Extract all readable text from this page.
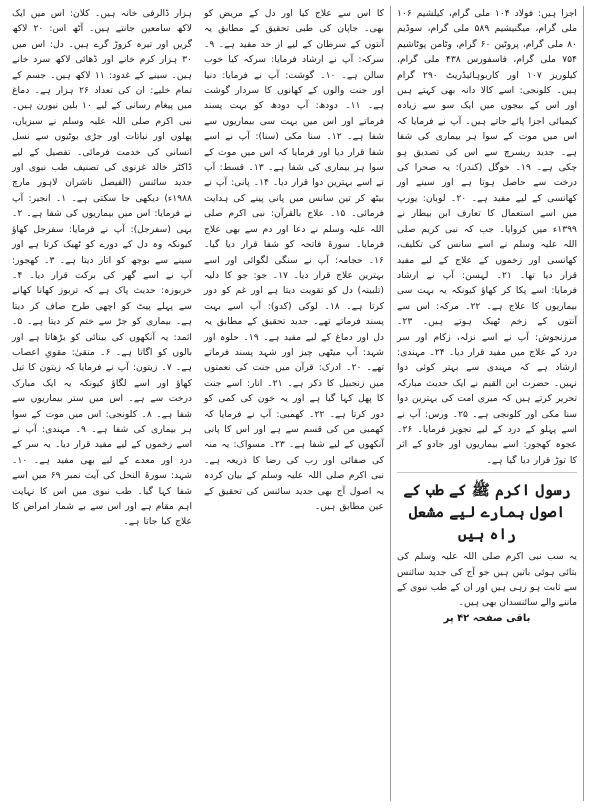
ہزار ڈالرفی خانہ ہیں۔ کلان: اس میں ایک لاکھ سامعین جانتے ہیں۔ آٹھ اس: ۲۰ لاکھ گریں اور تیرہ کروڑ گرے ہیں۔ دل: اس میں ۳۰ ہزار کرم خانے اور ڈھائی لاکھ سرد خانے ہیں۔ سینے کے غدود: ۱۱ لاکھ ہیں۔ جسم کے تمام خلیے: ان کی تعداد ۲۶ ہزار ہے۔ دماغ میں پیغام رسانی کے لیے ۱۰ بلین نیورن ہیں۔ نبی اکرم صلی اللہ علیہ وسلم نے سبزیاں، پھلوں اور نباتات اور جڑی بوٹیوں سے نسل انسانی کی خدمت فرمائی۔ تفصیل کے لیے ڈاکٹر خالد غزنوی کی تصنیف طب نبوی اور جدید سائنس (الفیصل ناشران لاہور مارچ ۱۹۸۸ء) دیکھی جا سکتی ہے۔ ۱۔ انجیر: آپ نے فرمایا: اس میں بیماریوں کی شفا ہے۔ ۲۔ بہی (سفرجل): آپ نے فرمایا: سفرجل کھاؤ کیونکہ وہ دل کے دورے کو ٹھیک کرتا ہے اور سینے سے بوجھ کو اتار دیتا ہے۔ ۳۔ کھجور: آپ نے اسے گھر کی برکت قرار دیا۔ ۴۔ خربوزہ: حدیث پاک ہے کہ تربوز کھانا کھانے سے پہلے پیٹ کو اچھی طرح صاف کر دیتا ہے۔ بیماری کو جڑ سے ختم کر دیتا ہے۔ ۵۔ اثمد: یہ آنکھوں کی بینائی کو بڑھاتا ہے اور بالوں کو اگاتا ہے۔ ۶۔ منقیٰ: مقویِ اعصاب ہے۔ ۷۔ زیتون: آپ نے فرمایا کہ زیتون کا تیل کھاؤ اور اسے لگاؤ کیونکہ یہ ایک مبارک درخت سے ہے۔ اس میں ستر بیماریوں سے شفا ہے۔ ۸۔ کلونجی: اس میں موت کے سوا ہر بیماری کی شفا ہے۔ ۹۔ مہندی: آپ نے اسے زخموں کے لیے مفید قرار دیا۔ یہ سر کے درد اور معدے کے لیے بھی مفید ہے۔ ۱۰۔ شہد: سورۃ النحل کی آیت نمبر ۶۹ میں اسے شفا کہا گیا۔ طب نبوی میں اس کا نہایت اہم مقام ہے اور اس سے بے شمار امراض کا علاج کیا جاتا ہے۔

کا اس سے علاج کیا اور دل کے مریض کو بھی۔ جاپان کی طبی تحقیق کے مطابق یہ آنتوں کے سرطان کے لیے از حد مفید ہے۔ ۹۔ سرکہ: آپ نے ارشاد فرمایا: سرکہ کیا خوب سالن ہے۔ ۱۰۔ گوشت: آپ نے فرمایا: دنیا اور جنت والوں کے کھانوں کا سردار گوشت ہے۔ ۱۱۔ دودھ: آپ دودھ کو بہت پسند فرماتے اور اس میں بہت سی بیماریوں سے شفا ہے۔ ۱۲۔ سنا مکی (سنا): آپ نے اسے شفا قرار دیا اور فرمایا کہ اس میں موت کے سوا ہر بیماری کی شفا ہے۔ ۱۳۔ قسط: آپ نے اسے بہترین دوا قرار دیا۔ ۱۴۔ پانی: آپ نے بیٹھ کر تین سانس میں پانی پینے کی ہدایت فرمائی۔ ۱۵۔ علاج بالقرآن: نبی اکرم صلی اللہ علیہ وسلم نے دعا اور دم سے بھی علاج فرمایا۔ سورۃ فاتحہ کو شفا قرار دیا گیا۔ ۱۶۔ حجامہ: آپ نے سنگی لگوائی اور اسے بہترین علاج قرار دیا۔ ۱۷۔ جو: جو کا دلیہ (تلبینہ) دل کو تقویت دیتا ہے اور غم کو دور کرتا ہے۔ ۱۸۔ لوکی (کدو): آپ اسے بہت پسند فرماتے تھے۔ جدید تحقیق کے مطابق یہ دل اور دماغ کے لیے مفید ہے۔ ۱۹۔ حلوہ اور شہد: آپ میٹھی چیز اور شہد پسند فرماتے تھے۔ ۲۰۔ ادرک: قرآن میں جنت کی نعمتوں میں زنجبیل کا ذکر ہے۔ ۲۱۔ انار: اسے جنت کا پھل کہا گیا ہے اور یہ خون کی کمی کو دور کرتا ہے۔ ۲۲۔ کھمبی: آپ نے فرمایا کہ کھمبی من کی قسم سے ہے اور اس کا پانی آنکھوں کے لیے شفا ہے۔ ۲۳۔ مسواک: یہ منہ کی صفائی اور رب کی رضا کا ذریعہ ہے۔ نبی اکرم صلی اللہ علیہ وسلم کے بیان کردہ یہ اصول آج بھی جدید سائنس کی تحقیق کے عین مطابق ہیں۔

اجزا ہیں: فولاد ۱۰۴ ملی گرام، کیلشیم ۱۰۶ ملی گرام، میگنیشیم ۵۸۹ ملی گرام، سوڈیم ۸۰ ملی گرام، پروٹین ۶۰ گرام، وٹامن پوٹاشیم ۷۵۴ ملی گرام، فاسفورس ۴۳۸ ملی گرام، کیلوریز ۱۰۷ اور کاربوہائیڈریٹ ۲۹۰ گرام ہیں۔ کلونجی: اسے کالا دانہ بھی کہتے ہیں اور اس کے بیجوں میں ایک سو سے زیادہ کیمیائی اجزا پائے جاتے ہیں۔ آپ نے فرمایا کہ اس میں موت کے سوا ہر بیماری کی شفا ہے۔ جدید ریسرچ سے اس کی تصدیق ہو چکی ہے۔ ۱۹۔ خوگل (کندر): یہ صحرا کی درخت سے حاصل ہوتا ہے اور سینے اور کھانسی کے لیے مفید ہے۔ ۲۰۔ لوبان: یورپ میں اسے استعمال کا تعارف ابن بیطار نے ۱۳۹۹ء میں کروایا۔ جب کہ نبی کریم صلی اللہ علیہ وسلم نے اسے سانس کی تکلیف، کھانسی اور زخموں کے علاج کے لیے مفید قرار دیا تھا۔ ۲۱۔ لہسن: آپ نے ارشاد فرمایا: اسے پکا کر کھاؤ کیونکہ یہ بہت سی بیماریوں کا علاج ہے۔ ۲۲۔ مرکہ: اس سے آنتوں کے زخم ٹھیک ہوتے ہیں۔ ۲۳۔ مرزنجوش: آپ نے اسے نزلہ، زکام اور سر درد کے علاج میں مفید قرار دیا۔ ۲۴۔ مہندی: ارشاد ہے کہ مہندی سے بہتر کوئی دوا نہیں۔ حضرت ابن القیم نے ایک حدیث مبارکہ تحریر کرتے ہیں کہ میری امت کی بہترین دوا سنا مکی اور کلونجی ہے۔ ۲۵۔ ورس: آپ نے اسے پہلو کے درد کے لیے تجویز فرمایا۔ ۲۶۔ عجوہ کھجور: اسے بیماریوں اور جادو کے اثر کا توڑ قرار دیا گیا ہے۔

رسول اکرم ﷺ کے طب کے اصول ہمارے لیے مشعل راہ ہیں

یہ سب نبی اکرم صلی اللہ علیہ وسلم کی بتائی ہوئی باتیں ہیں جو آج کی جدید سائنس سے ثابت ہو رہی ہیں اور ان کے طب نبوی کے ماننے والے سائنسدان بھی ہیں۔

باقی صفحہ ۴۲ پر
